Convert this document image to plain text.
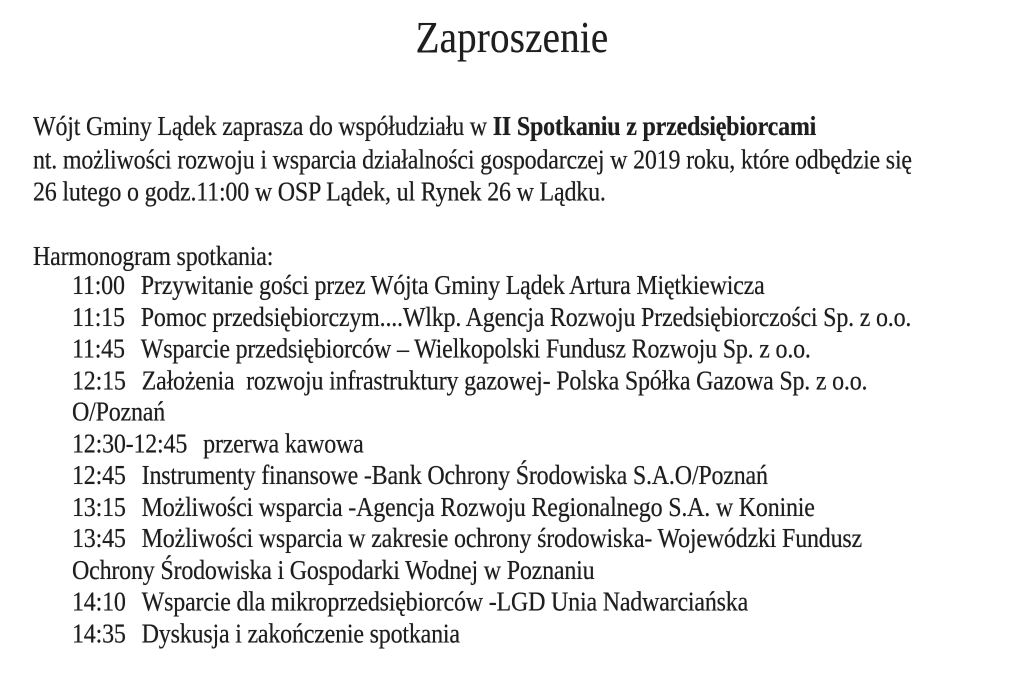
Zaproszenie
Wójt Gminy Lądek zaprasza do współudziału w II Spotkaniu z przedsiębiorcami
nt. możliwości rozwoju i wsparcia działalności gospodarczej w 2019 roku, które odbędzie się
26 lutego o godz.11:00 w OSP Lądek, ul Rynek 26 w Lądku.
Harmonogram spotkania:
11:00 Przywitanie gości przez Wójta Gminy Lądek Artura Miętkiewicza
11:15 Pomoc przedsiębiorczym....Wlkp. Agencja Rozwoju Przedsiębiorczości Sp. z o.o.
11:45 Wsparcie przedsiębiorców – Wielkopolski Fundusz Rozwoju Sp. z o.o.
12:15 Założenia  rozwoju infrastruktury gazowej- Polska Spółka Gazowa Sp. z o.o.
O/Poznań
12:30-12:45 przerwa kawowa
12:45 Instrumenty finansowe -Bank Ochrony Środowiska S.A.O/Poznań
13:15 Możliwości wsparcia -Agencja Rozwoju Regionalnego S.A. w Koninie
13:45 Możliwości wsparcia w zakresie ochrony środowiska- Wojewódzki Fundusz
Ochrony Środowiska i Gospodarki Wodnej w Poznaniu
14:10 Wsparcie dla mikroprzedsiębiorców -LGD Unia Nadwarciańska
14:35 Dyskusja i zakończenie spotkania
